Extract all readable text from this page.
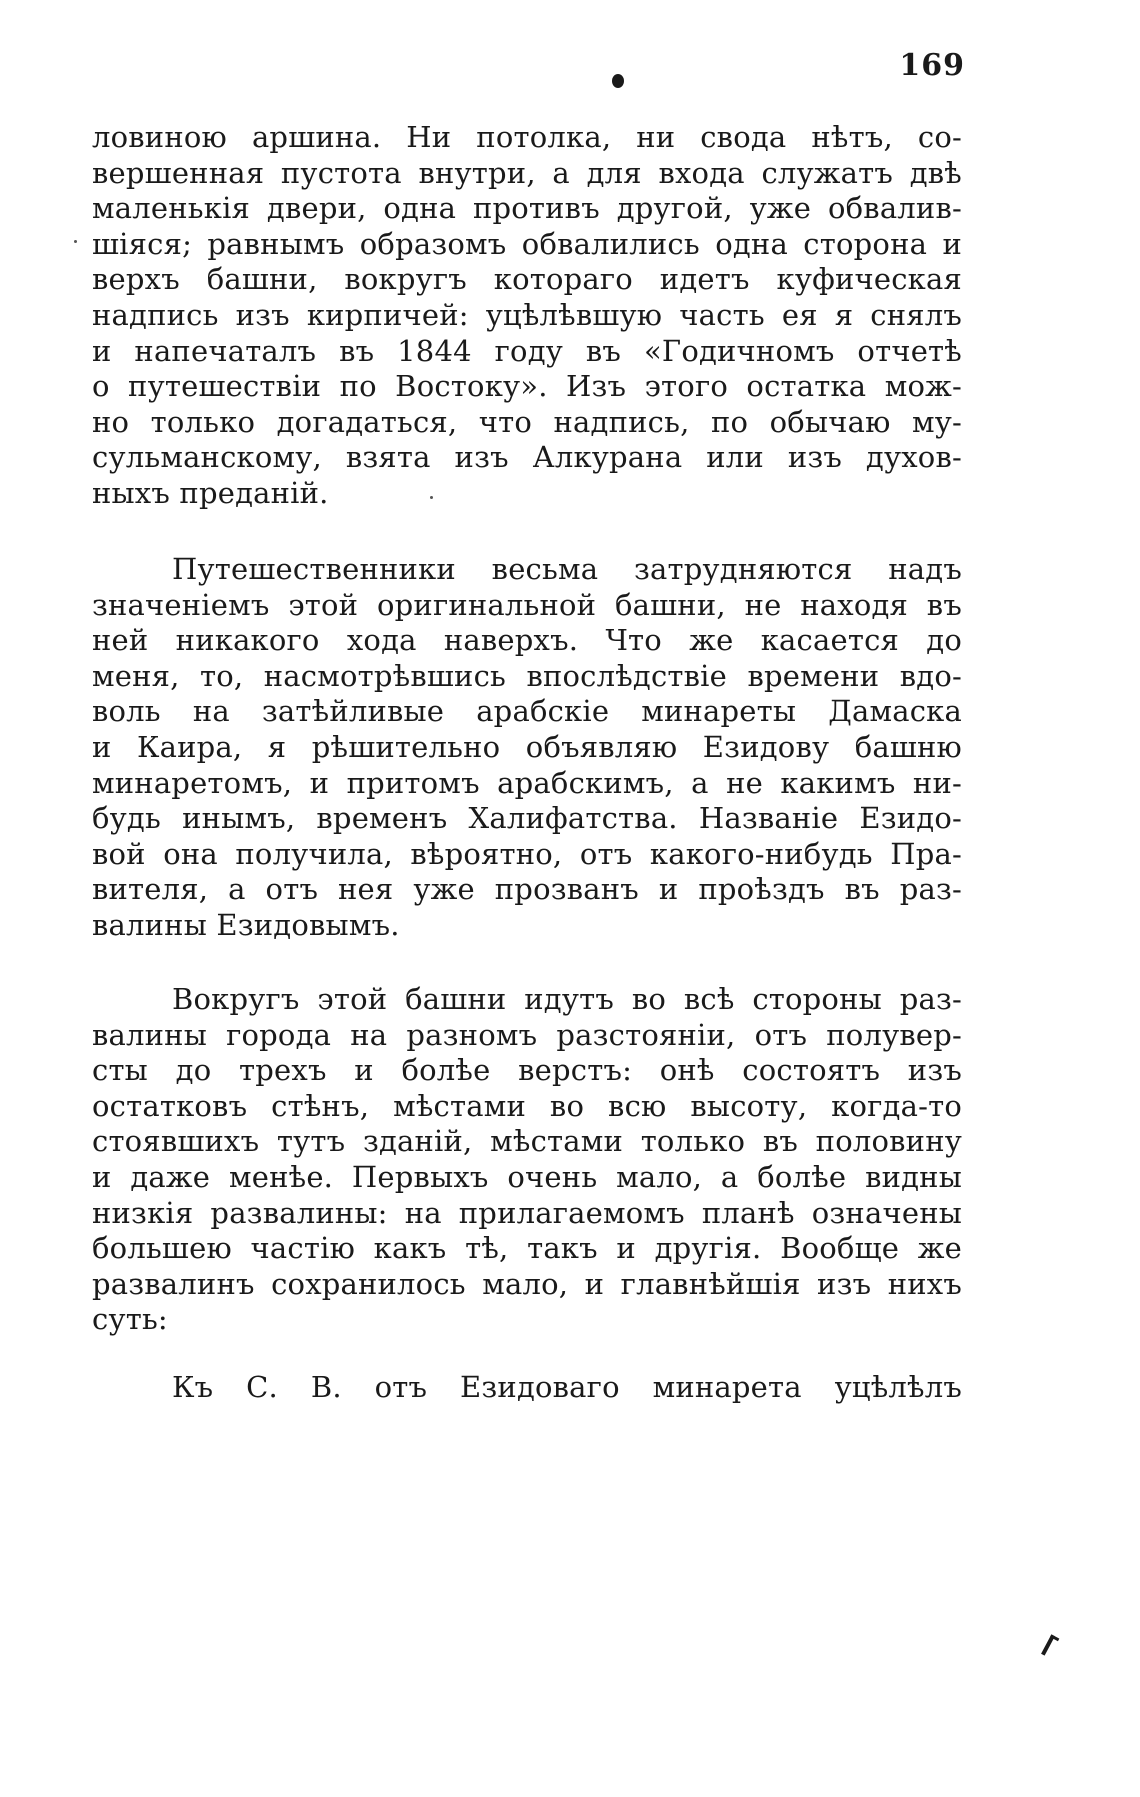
169
ловиною аршина. Ни потолка, ни свода нѣтъ, со-
вершенная пустота внутри, а для входа служатъ двѣ
маленькія двери, одна противъ другой, уже обвалив-
шіяся; равнымъ образомъ обвалились одна сторона и
верхъ башни, вокругъ котораго идетъ куфическая
надпись изъ кирпичей: уцѣлѣвшую часть ея я снялъ
и напечаталъ въ 1844 году въ «Годичномъ отчетѣ
о путешествіи по Востоку». Изъ этого остатка мож-
но только догадаться, что надпись, по обычаю му-
сульманскому, взята изъ Алкурана или изъ духов-
ныхъ преданій.
Путешественники весьма затрудняются надъ
значеніемъ этой оригинальной башни, не находя въ
ней никакого хода наверхъ. Что же касается до
меня, то, насмотрѣвшись впослѣдствіе времени вдо-
воль на затѣйливые арабскіе минареты Дамаска
и Каира, я рѣшительно объявляю Езидову башню
минаретомъ, и притомъ арабскимъ, а не какимъ ни-
будь инымъ, временъ Халифатства. Названіе Езидо-
вой она получила, вѣроятно, отъ какого-нибудь Пра-
вителя, а отъ нея уже прозванъ и проѣздъ въ раз-
валины Езидовымъ.
Вокругъ этой башни идутъ во всѣ стороны раз-
валины города на разномъ разстояніи, отъ полувер-
сты до трехъ и болѣе верстъ: онѣ состоятъ изъ
остатковъ стѣнъ, мѣстами во всю высоту, когда-то
стоявшихъ тутъ зданій, мѣстами только въ половину
и даже менѣе. Первыхъ очень мало, а болѣе видны
низкія развалины: на прилагаемомъ планѣ означены
большею частію какъ тѣ, такъ и другія. Вообще же
развалинъ сохранилось мало, и главнѣйшія изъ нихъ
суть:
Къ С. В. отъ Езидоваго минарета уцѣлѣлъ
